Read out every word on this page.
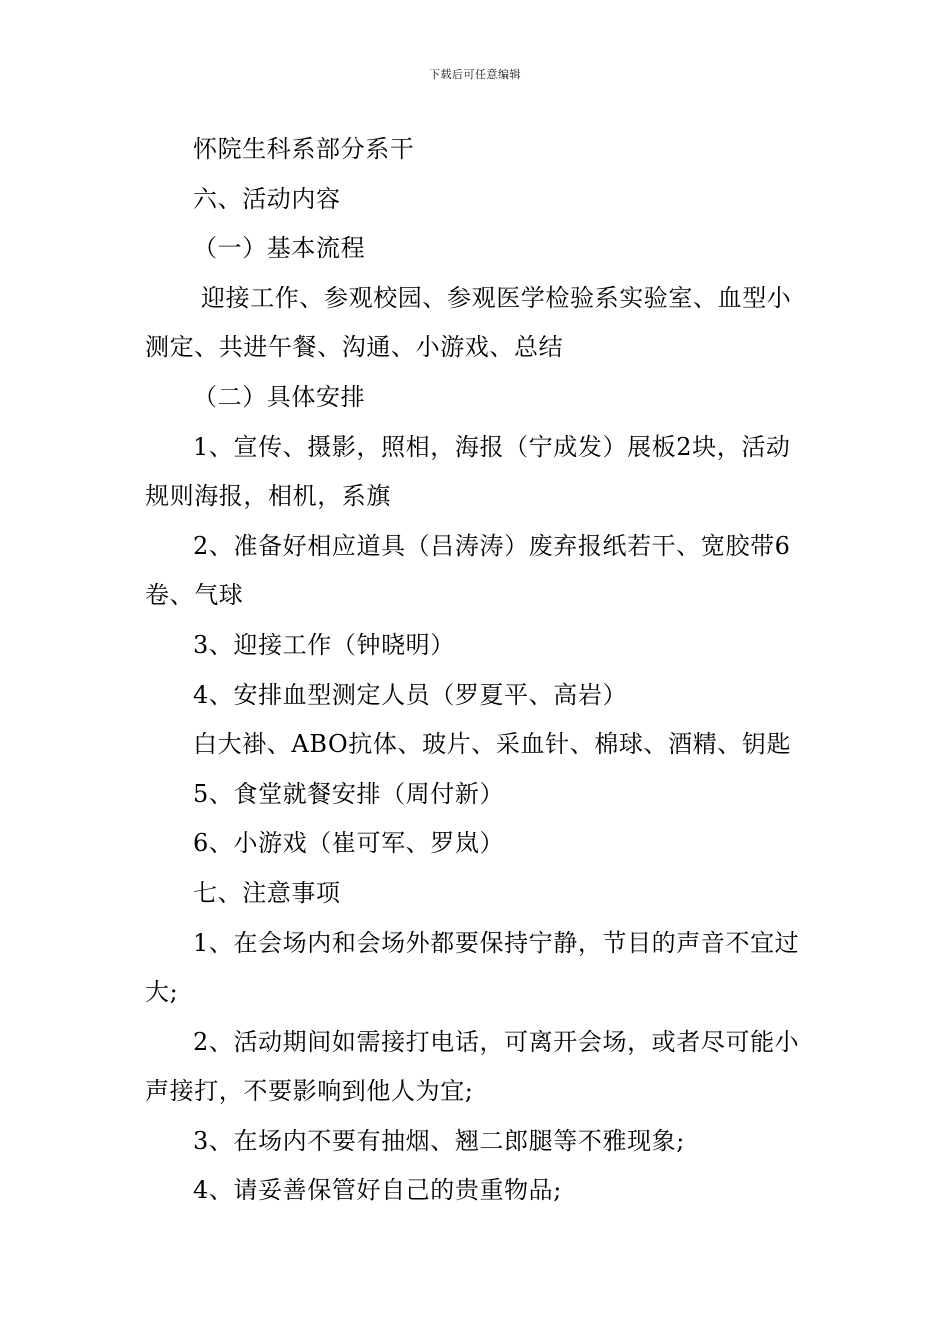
下载后可任意编辑

怀院生科系部分系干

六、活动内容

（一）基本流程

迎接工作、参观校园、参观医学检验系实验室、血型小测定、共进午餐、沟通、小游戏、总结

（二）具体安排

1、宣传、摄影，照相，海报（宁成发）展板2块，活动规则海报，相机，系旗

2、准备好相应道具（吕涛涛）废弃报纸若干、宽胶带6卷、气球

3、迎接工作（钟晓明）

4、安排血型测定人员（罗夏平、高岩）

白大褂、ABO抗体、玻片、采血针、棉球、酒精、钥匙

5、食堂就餐安排（周付新）

6、小游戏（崔可军、罗岚）

七、注意事项

1、在会场内和会场外都要保持宁静，节目的声音不宜过大;

2、活动期间如需接打电话，可离开会场，或者尽可能小声接打，不要影响到他人为宜;

3、在场内不要有抽烟、翘二郎腿等不雅现象;

4、请妥善保管好自己的贵重物品;
